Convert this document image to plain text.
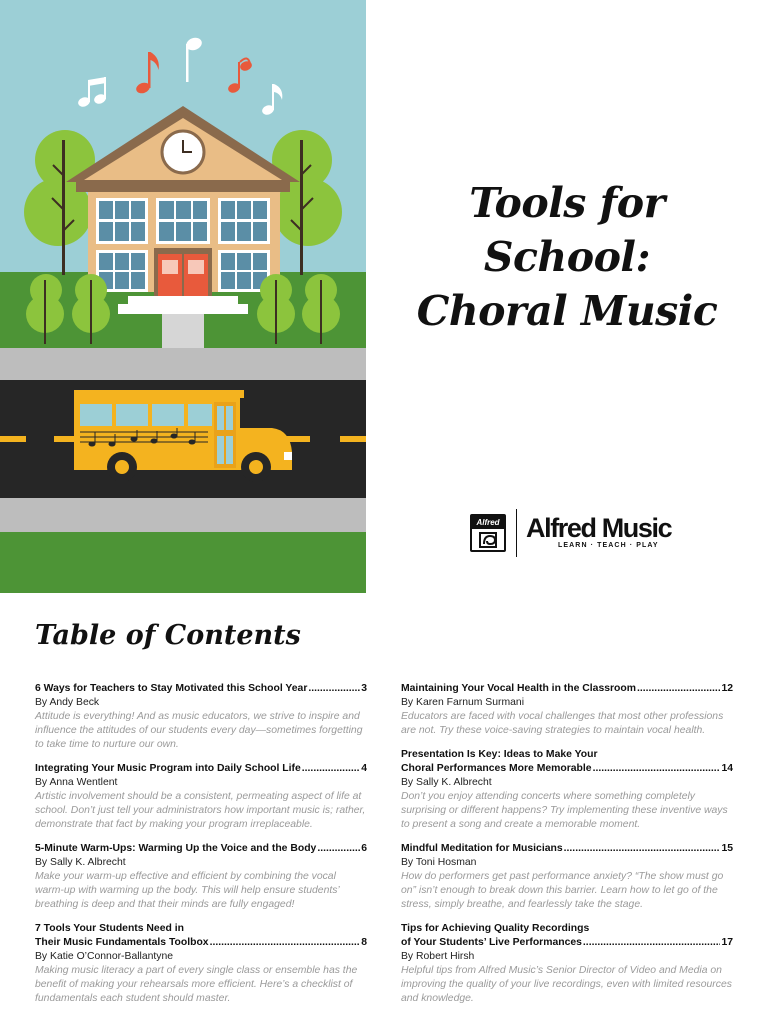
Tools for
School:
Choral Music
Alfred Alfred Music
LEARN · TEACH · PLAY
Table of Contents
6 Ways for Teachers to Stay Motivated this School Year .....	3
By Andy Beck
Attitude is everything! And as music educators, we strive to inspire and influence the attitudes of our students every day—sometimes forgetting to take time to nurture our own.
Integrating Your Music Program into Daily School Life .....	4
By Anna Wentlent
Artistic involvement should be a consistent, permeating aspect of life at school. Don’t just tell your administrators how important music is; rather, demonstrate that fact by making your program irreplaceable.
5-Minute Warm-Ups: Warming Up the Voice and the Body .....	6
By Sally K. Albrecht
Make your warm-up effective and efficient by combining the vocal warm-up with warming up the body. This will help ensure students’ breathing is deep and that their minds are fully engaged!
7 Tools Your Students Need in
Their Music Fundamentals Toolbox .....	8
By Katie O’Connor-Ballantyne
Making music literacy a part of every single class or ensemble has the benefit of making your rehearsals more efficient. Here’s a checklist of fundamentals each student should master.
Maintaining Your Vocal Health in the Classroom .....	12
By Karen Farnum Surmani
Educators are faced with vocal challenges that most other professions are not. Try these voice-saving strategies to maintain vocal health.
Presentation Is Key: Ideas to Make Your
Choral Performances More Memorable .....	14
By Sally K. Albrecht
Don’t you enjoy attending concerts where something completely surprising or different happens? Try implementing these inventive ways to present a song and create a memorable moment.
Mindful Meditation for Musicians .....	15
By Toni Hosman
How do performers get past performance anxiety? “The show must go on” isn’t enough to break down this barrier. Learn how to let go of the stress, simply breathe, and fearlessly take the stage.
Tips for Achieving Quality Recordings
of Your Students’ Live Performances .....	17
By Robert Hirsh
Helpful tips from Alfred Music’s Senior Director of Video and Media on improving the quality of your live recordings, even with limited resources and knowledge.
